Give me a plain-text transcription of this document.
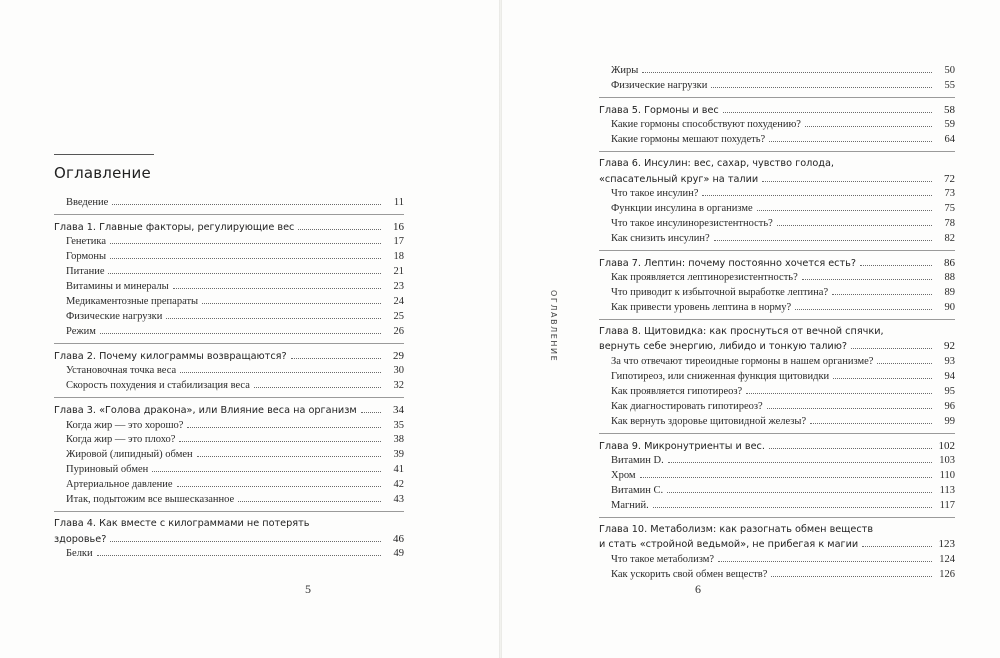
Оглавление
Введение	11
Глава 1. Главные факторы, регулирующие вес	16
Генетика	17
Гормоны	18
Питание	21
Витамины и минералы	23
Медикаментозные препараты	24
Физические нагрузки	25
Режим	26
Глава 2. Почему килограммы возвращаются?	29
Установочная точка веса	30
Скорость похудения и стабилизация веса	32
Глава 3. «Голова дракона», или Влияние веса на организм	34
Когда жир — это хорошо?	35
Когда жир — это плохо?	38
Жировой (липидный) обмен	39
Пуриновый обмен	41
Артериальное давление	42
Итак, подытожим все вышесказанное	43
Глава 4. Как вместе с килограммами не потерять
здоровье?	46
Белки	49
5
Жиры	50
Физические нагрузки	55
Глава 5. Гормоны и вес	58
Какие гормоны способствуют похудению?	59
Какие гормоны мешают похудеть?	64
Глава 6. Инсулин: вес, сахар, чувство голода,
«спасательный круг» на талии	72
Что такое инсулин?	73
Функции инсулина в организме	75
Что такое инсулинорезистентность?	78
Как снизить инсулин?	82
Глава 7. Лептин: почему постоянно хочется есть?	86
Как проявляется лептинорезистентность?	88
Что приводит к избыточной выработке лептина?	89
Как привести уровень лептина в норму?	90
Глава 8. Щитовидка: как проснуться от вечной спячки,
вернуть себе энергию, либидо и тонкую талию?	92
За что отвечают тиреоидные гормоны в нашем организме?	93
Гипотиреоз, или сниженная функция щитовидки	94
Как проявляется гипотиреоз?	95
Как диагностировать гипотиреоз?	96
Как вернуть здоровье щитовидной железы?	99
Глава 9. Микронутриенты и вес.	102
Витамин D.	103
Хром	110
Витамин С.	113
Магний.	117
Глава 10. Метаболизм: как разогнать обмен веществ
и стать «стройной ведьмой», не прибегая к магии	123
Что такое метаболизм?	124
Как ускорить свой обмен веществ?	126
6
ОГЛАВЛЕНИЕ
